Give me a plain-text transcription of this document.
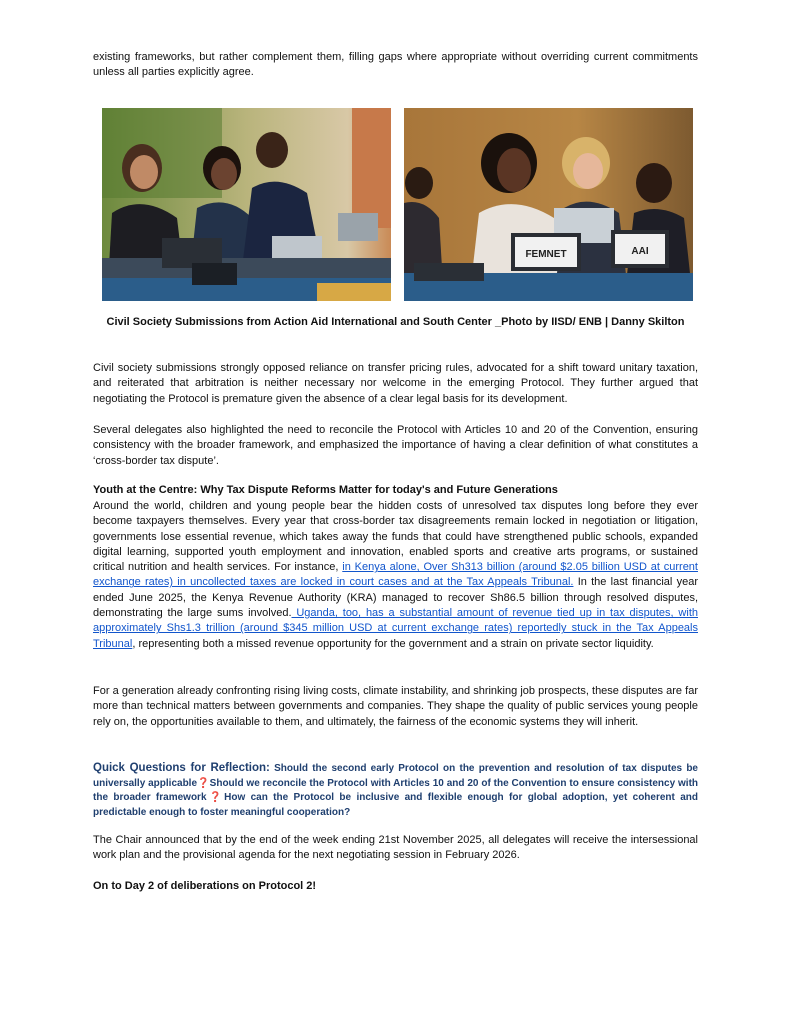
existing frameworks, but rather complement them, filling gaps where appropriate without overriding current commitments unless all parties explicitly agree.

FEMNET	AAI
Civil Society Submissions from Action Aid International and South Center _Photo by IISD/ ENB | Danny Skilton

Civil society submissions strongly opposed reliance on transfer pricing rules, advocated for a shift toward unitary taxation, and reiterated that arbitration is neither necessary nor welcome in the emerging Protocol. They further argued that negotiating the Protocol is premature given the absence of a clear legal basis for its development.

Several delegates also highlighted the need to reconcile the Protocol with Articles 10 and 20 of the Convention, ensuring consistency with the broader framework, and emphasized the importance of having a clear definition of what constitutes a ‘cross-border tax dispute’.

Youth at the Centre: Why Tax Dispute Reforms Matter for today's and Future Generations

Around the world, children and young people bear the hidden costs of unresolved tax disputes long before they ever become taxpayers themselves. Every year that cross-border tax disagreements remain locked in negotiation or litigation, governments lose essential revenue, which takes away the funds that could have strengthened public schools, expanded digital learning, supported youth employment and innovation, enabled sports and creative arts programs, or sustained critical nutrition and health services. For instance, in Kenya alone, Over Sh313 billion (around $2.05 billion USD at current exchange rates) in uncollected taxes are locked in court cases and at the Tax Appeals Tribunal. In the last financial year ended June 2025, the Kenya Revenue Authority (KRA) managed to recover Sh86.5 billion through resolved disputes, demonstrating the large sums involved. Uganda, too, has a substantial amount of revenue tied up in tax disputes, with approximately Shs1.3 trillion (around $345 million USD at current exchange rates) reportedly stuck in the Tax Appeals Tribunal, representing both a missed revenue opportunity for the government and a strain on private sector liquidity.

For a generation already confronting rising living costs, climate instability, and shrinking job prospects, these disputes are far more than technical matters between governments and companies. They shape the quality of public services young people rely on, the opportunities available to them, and ultimately, the fairness of the economic systems they will inherit.

Quick Questions for Reflection: Should the second early Protocol on the prevention and resolution of tax disputes be universally applicable❓Should we reconcile the Protocol with Articles 10 and 20 of the Convention to ensure consistency with the broader framework❓How can the Protocol be inclusive and flexible enough for global adoption, yet coherent and predictable enough to foster meaningful cooperation?

The Chair announced that by the end of the week ending 21st November 2025, all delegates will receive the intersessional work plan and the provisional agenda for the next negotiating session in February 2026.

On to Day 2 of deliberations on Protocol 2!
